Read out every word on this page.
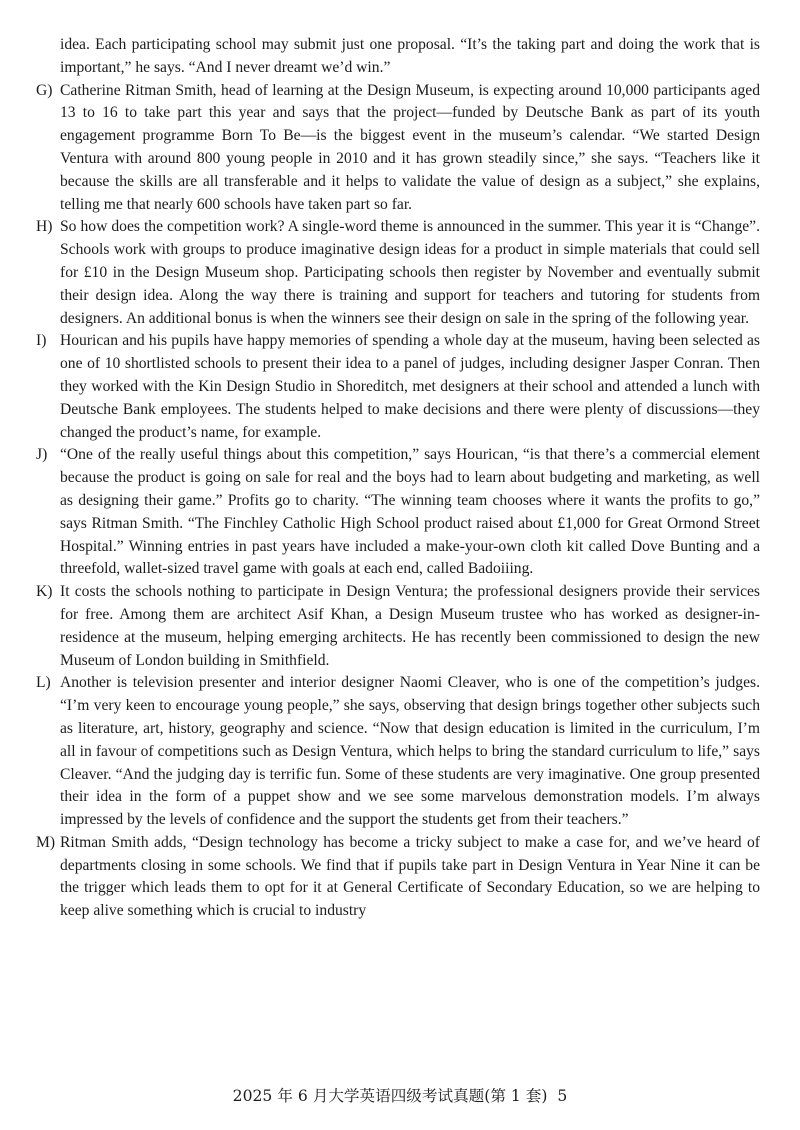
idea. Each participating school may submit just one proposal. “It’s the taking part and doing the work that is important,” he says. “And I never dreamt we’d win.”

G) Catherine Ritman Smith, head of learning at the Design Museum, is expecting around 10,000 participants aged 13 to 16 to take part this year and says that the project—funded by Deutsche Bank as part of its youth engagement programme Born To Be—is the biggest event in the museum’s calendar. “We started Design Ventura with around 800 young people in 2010 and it has grown steadily since,” she says. “Teachers like it because the skills are all transferable and it helps to validate the value of design as a subject,” she explains, telling me that nearly 600 schools have taken part so far.
H) So how does the competition work? A single-word theme is announced in the summer. This year it is “Change”. Schools work with groups to produce imaginative design ideas for a product in simple materials that could sell for £10 in the Design Museum shop. Participating schools then register by November and eventually submit their design idea. Along the way there is training and support for teachers and tutoring for students from designers. An additional bonus is when the winners see their design on sale in the spring of the following year.
I) Hourican and his pupils have happy memories of spending a whole day at the museum, having been selected as one of 10 shortlisted schools to present their idea to a panel of judges, including designer Jasper Conran. Then they worked with the Kin Design Studio in Shoreditch, met designers at their school and attended a lunch with Deutsche Bank employees. The students helped to make decisions and there were plenty of discussions—they changed the product’s name, for example.
J) “One of the really useful things about this competition,” says Hourican, “is that there’s a commercial element because the product is going on sale for real and the boys had to learn about budgeting and marketing, as well as designing their game.” Profits go to charity. “The winning team chooses where it wants the profits to go,” says Ritman Smith. “The Finchley Catholic High School product raised about £1,000 for Great Ormond Street Hospital.” Winning entries in past years have included a make-your-own cloth kit called Dove Bunting and a threefold, wallet-sized travel game with goals at each end, called Badoiiing.
K) It costs the schools nothing to participate in Design Ventura; the professional designers provide their services for free. Among them are architect Asif Khan, a Design Museum trustee who has worked as designer-in-residence at the museum, helping emerging architects. He has recently been commissioned to design the new Museum of London building in Smithfield.
L) Another is television presenter and interior designer Naomi Cleaver, who is one of the competition’s judges. “I’m very keen to encourage young people,” she says, observing that design brings together other subjects such as literature, art, history, geography and science. “Now that design education is limited in the curriculum, I’m all in favour of competitions such as Design Ventura, which helps to bring the standard curriculum to life,” says Cleaver. “And the judging day is terrific fun. Some of these students are very imaginative. One group presented their idea in the form of a puppet show and we see some marvelous demonstration models. I’m always impressed by the levels of confidence and the support the students get from their teachers.”
M) Ritman Smith adds, “Design technology has become a tricky subject to make a case for, and we’ve heard of departments closing in some schools. We find that if pupils take part in Design Ventura in Year Nine it can be the trigger which leads them to opt for it at General Certificate of Secondary Education, so we are helping to keep alive something which is crucial to industry
2025 年 6 月大学英语四级考试真题(第 1 套) 5
